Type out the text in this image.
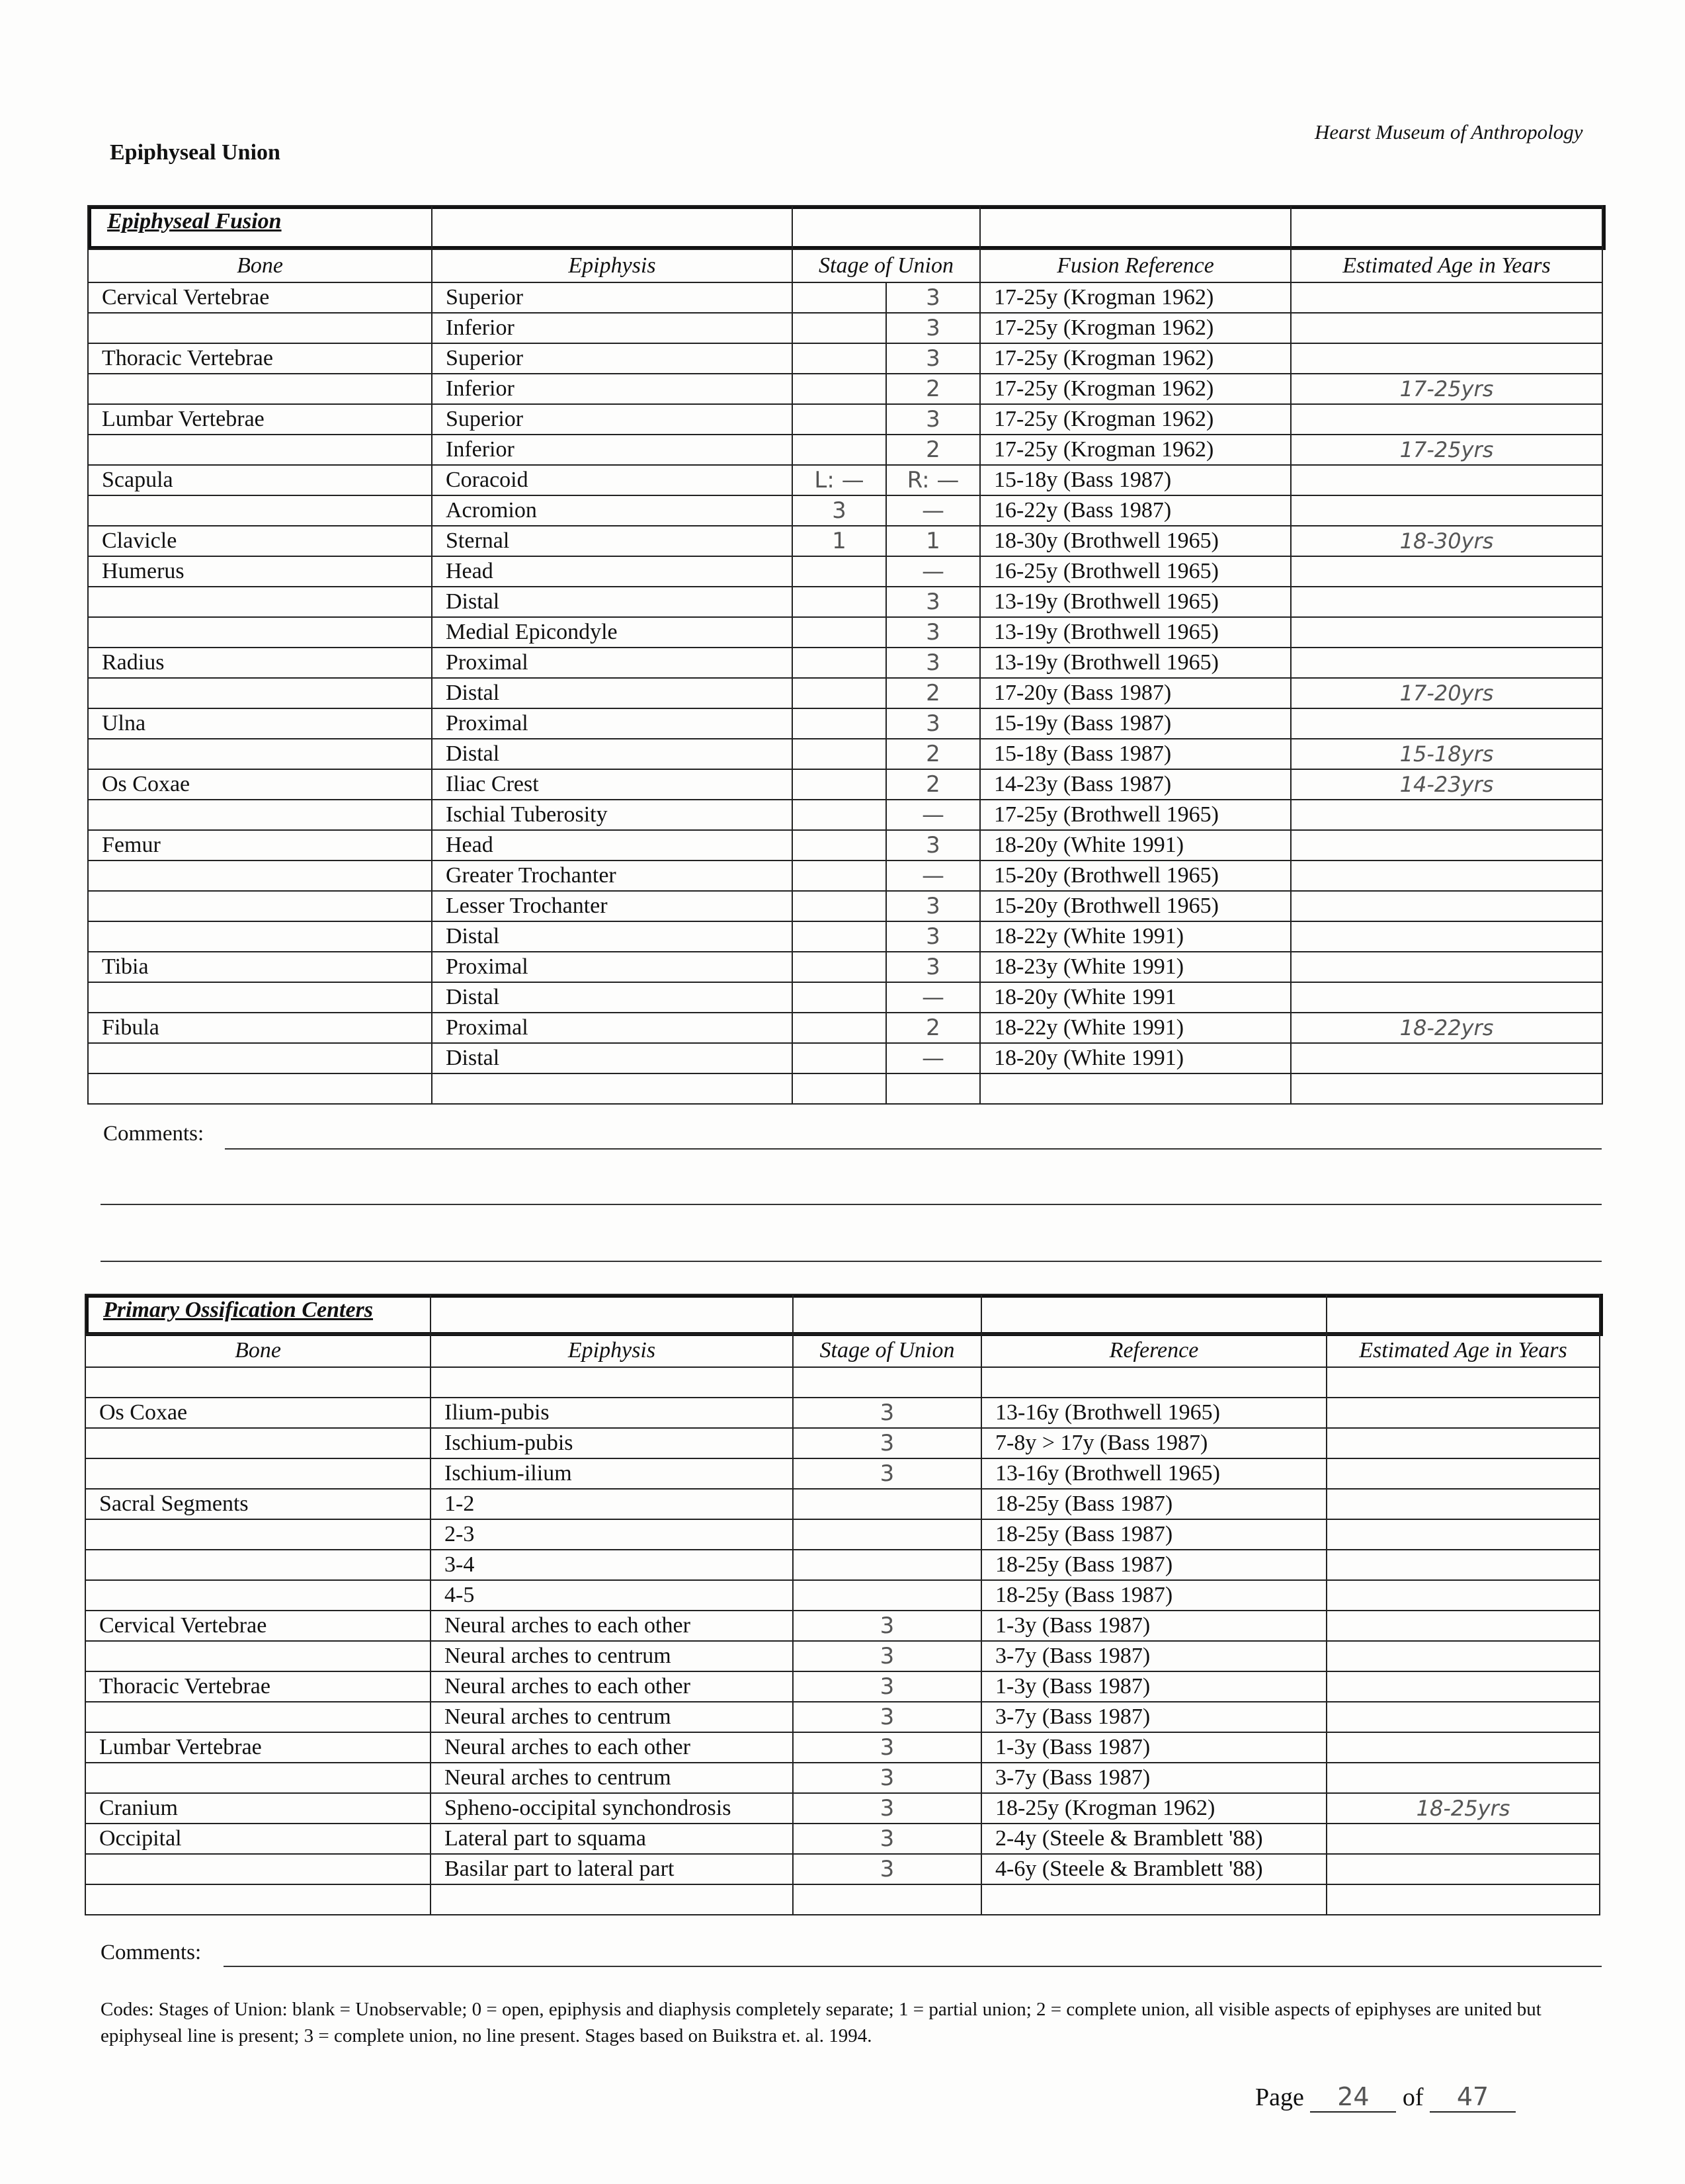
Epiphyseal Union
Hearst Museum of Anthropology

Bone	Epiphysis	Stage of Union		Fusion Reference	Estimated Age in Years
Cervical Vertebrae	Superior		3	17-25y (Krogman 1962)	
	Inferior		3	17-25y (Krogman 1962)	
Thoracic Vertebrae	Superior		3	17-25y (Krogman 1962)	
	Inferior		2	17-25y (Krogman 1962)	17-25yrs
Lumbar Vertebrae	Superior		3	17-25y (Krogman 1962)	
	Inferior		2	17-25y (Krogman 1962)	17-25yrs
Scapula	Coracoid	L: —	R: —	15-18y (Bass 1987)	
	Acromion	3	—	16-22y (Bass 1987)	
Clavicle	Sternal	1	1	18-30y (Brothwell 1965)	18-30yrs
Humerus	Head		—	16-25y (Brothwell 1965)	
	Distal		3	13-19y (Brothwell 1965)	
	Medial Epicondyle		3	13-19y (Brothwell 1965)	
Radius	Proximal		3	13-19y (Brothwell 1965)	
	Distal		2	17-20y (Bass 1987)	17-20yrs
Ulna	Proximal		3	15-19y (Bass 1987)	
	Distal		2	15-18y (Bass 1987)	15-18yrs
Os Coxae	Iliac Crest		2	14-23y (Bass 1987)	14-23yrs
	Ischial Tuberosity		—	17-25y (Brothwell 1965)	
Femur	Head		3	18-20y (White 1991)	
	Greater Trochanter		—	15-20y (Brothwell 1965)	
	Lesser Trochanter		3	15-20y (Brothwell 1965)	
	Distal		3	18-22y (White 1991)	
Tibia	Proximal		3	18-23y (White 1991)	
	Distal		—	18-20y (White 1991	
Fibula	Proximal		2	18-22y (White 1991)	18-22yrs
	Distal		—	18-20y (White 1991)	

Epiphyseal Fusion
Comments:

Bone	Epiphysis	Stage of Union	Reference	Estimated Age in Years

Os Coxae	Ilium-pubis	3	13-16y (Brothwell 1965)	
	Ischium-pubis	3	7-8y > 17y (Bass 1987)	
	Ischium-ilium	3	13-16y (Brothwell 1965)	
Sacral Segments	1-2		18-25y (Bass 1987)	
	2-3		18-25y (Bass 1987)	
	3-4		18-25y (Bass 1987)	
	4-5		18-25y (Bass 1987)	
Cervical Vertebrae	Neural arches to each other	3	1-3y (Bass 1987)	
	Neural arches to centrum	3	3-7y (Bass 1987)	
Thoracic Vertebrae	Neural arches to each other	3	1-3y (Bass 1987)	
	Neural arches to centrum	3	3-7y (Bass 1987)	
Lumbar Vertebrae	Neural arches to each other	3	1-3y (Bass 1987)	
	Neural arches to centrum	3	3-7y (Bass 1987)	
Cranium	Spheno-occipital synchondrosis	3	18-25y (Krogman 1962)	18-25yrs
Occipital	Lateral part to squama	3	2-4y (Steele & Bramblett '88)	
	Basilar part to lateral part	3	4-6y (Steele & Bramblett '88)	

Primary Ossification Centers
Comments:
Codes: Stages of Union: blank = Unobservable; 0 = open, epiphysis and diaphysis completely separate; 1 = partial union; 2 = complete union, all visible aspects of epiphyses are united but epiphyseal line is present; 3 = complete union, no line present. Stages based on Buikstra et. al. 1994.
Page 24 of 47
